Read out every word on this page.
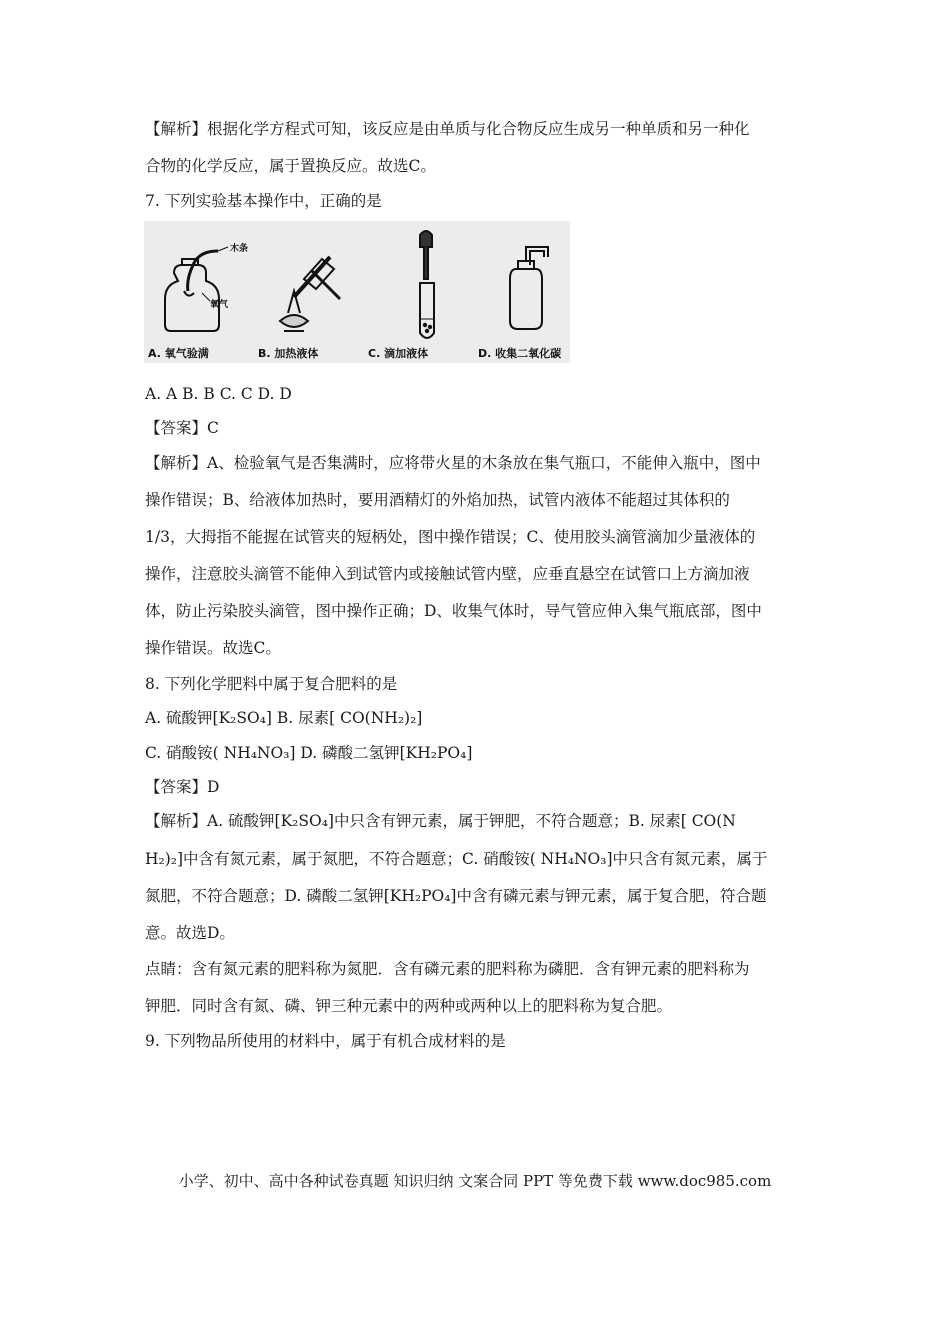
【解析】根据化学方程式可知，该反应是由单质与化合物反应生成另一种单质和另一种化
合物的化学反应，属于置换反应。故选C。
7. 下列实验基本操作中，正确的是
木条
氧气
A. 氧气验满	B. 加热液体	C. 滴加液体	D. 收集二氧化碳
A. A B. B C. C D. D
【答案】C
【解析】A、检验氧气是否集满时，应将带火星的木条放在集气瓶口，不能伸入瓶中，图中
操作错误；B、给液体加热时，要用酒精灯的外焰加热，试管内液体不能超过其体积的
1/3，大拇指不能握在试管夹的短柄处，图中操作错误；C、使用胶头滴管滴加少量液体的
操作，注意胶头滴管不能伸入到试管内或接触试管内壁，应垂直悬空在试管口上方滴加液
体，防止污染胶头滴管，图中操作正确；D、收集气体时，导气管应伸入集气瓶底部，图中
操作错误。故选C。
8. 下列化学肥料中属于复合肥料的是
A. 硫酸钾[K₂SO₄] B. 尿素[ CO(NH₂)₂]
C. 硝酸铵( NH₄NO₃] D. 磷酸二氢钾[KH₂PO₄]
【答案】D
【解析】A. 硫酸钾[K₂SO₄]中只含有钾元素，属于钾肥，不符合题意；B. 尿素[ CO(N
H₂)₂]中含有氮元素，属于氮肥，不符合题意；C. 硝酸铵( NH₄NO₃]中只含有氮元素，属于
氮肥，不符合题意；D. 磷酸二氢钾[KH₂PO₄]中含有磷元素与钾元素，属于复合肥，符合题
意。故选D。
点睛：含有氮元素的肥料称为氮肥．含有磷元素的肥料称为磷肥．含有钾元素的肥料称为
钾肥．同时含有氮、磷、钾三种元素中的两种或两种以上的肥料称为复合肥。
9. 下列物品所使用的材料中，属于有机合成材料的是
小学、初中、高中各种试卷真题 知识归纳 文案合同 PPT 等免费下载 www.doc985.com
